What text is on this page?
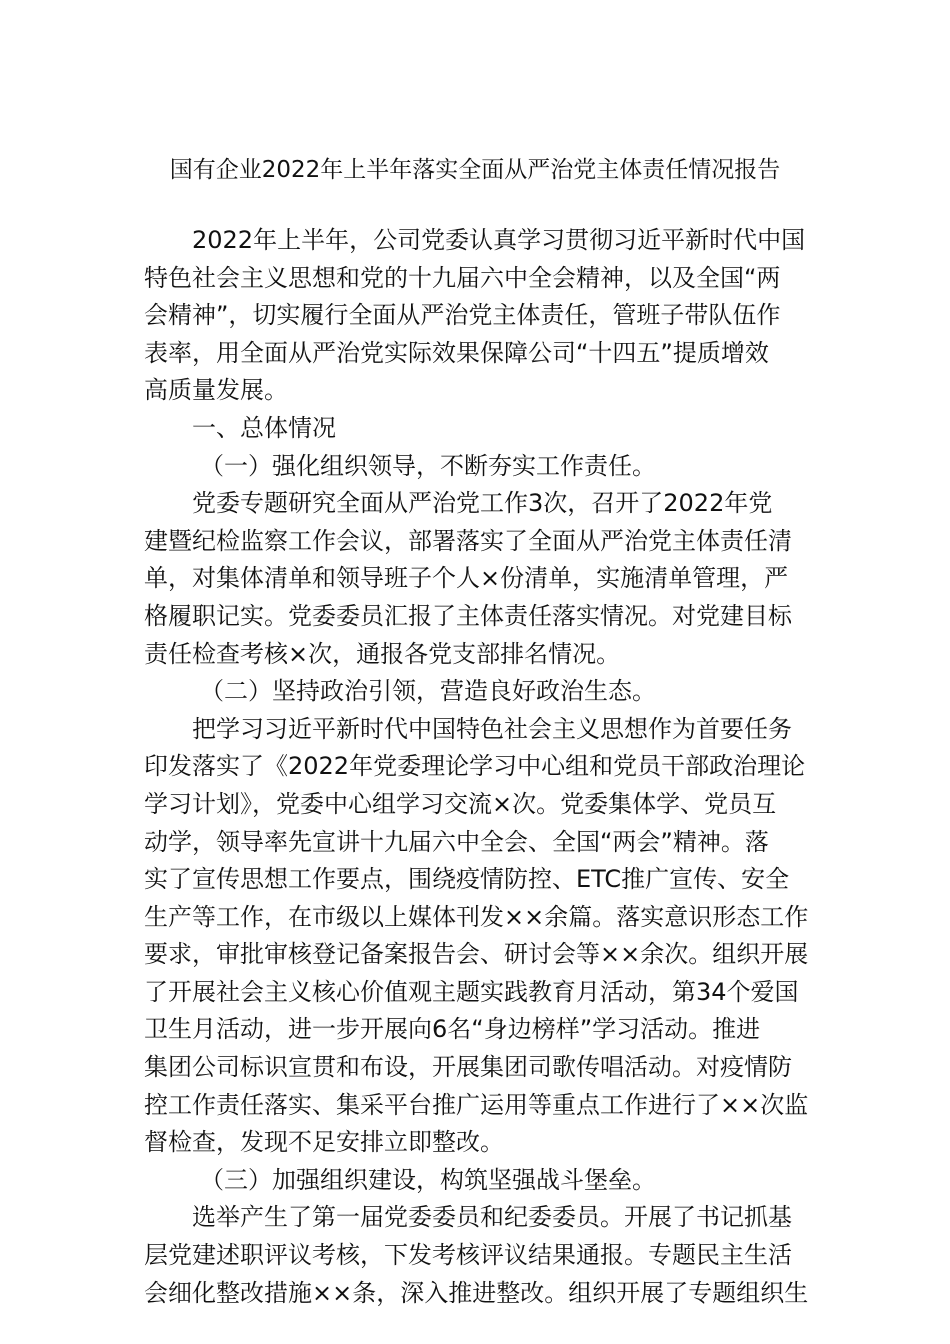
国有企业2022年上半年落实全面从严治党主体责任情况报告
2022年上半年，公司党委认真学习贯彻习近平新时代中国
特色社会主义思想和党的十九届六中全会精神，以及全国“两
会精神”，切实履行全面从严治党主体责任，管班子带队伍作
表率，用全面从严治党实际效果保障公司“十四五”提质增效
高质量发展。
一、总体情况
（一）强化组织领导，不断夯实工作责任。
党委专题研究全面从严治党工作3次，召开了2022年党
建暨纪检监察工作会议，部署落实了全面从严治党主体责任清
单，对集体清单和领导班子个人×份清单，实施清单管理，严
格履职记实。党委委员汇报了主体责任落实情况。对党建目标
责任检查考核×次，通报各党支部排名情况。
（二）坚持政治引领，营造良好政治生态。
把学习习近平新时代中国特色社会主义思想作为首要任务
印发落实了《2022年党委理论学习中心组和党员干部政治理论
学习计划》，党委中心组学习交流×次。党委集体学、党员互
动学，领导率先宣讲十九届六中全会、全国“两会”精神。落
实了宣传思想工作要点，围绕疫情防控、ETC推广宣传、安全
生产等工作，在市级以上媒体刊发××余篇。落实意识形态工作
要求，审批审核登记备案报告会、研讨会等××余次。组织开展
了开展社会主义核心价值观主题实践教育月活动，第34个爱国
卫生月活动，进一步开展向6名“身边榜样”学习活动。推进
集团公司标识宣贯和布设，开展集团司歌传唱活动。对疫情防
控工作责任落实、集采平台推广运用等重点工作进行了××次监
督检查，发现不足安排立即整改。
（三）加强组织建设，构筑坚强战斗堡垒。
选举产生了第一届党委委员和纪委委员。开展了书记抓基
层党建述职评议考核，下发考核评议结果通报。专题民主生活
会细化整改措施××条，深入推进整改。组织开展了专题组织生
